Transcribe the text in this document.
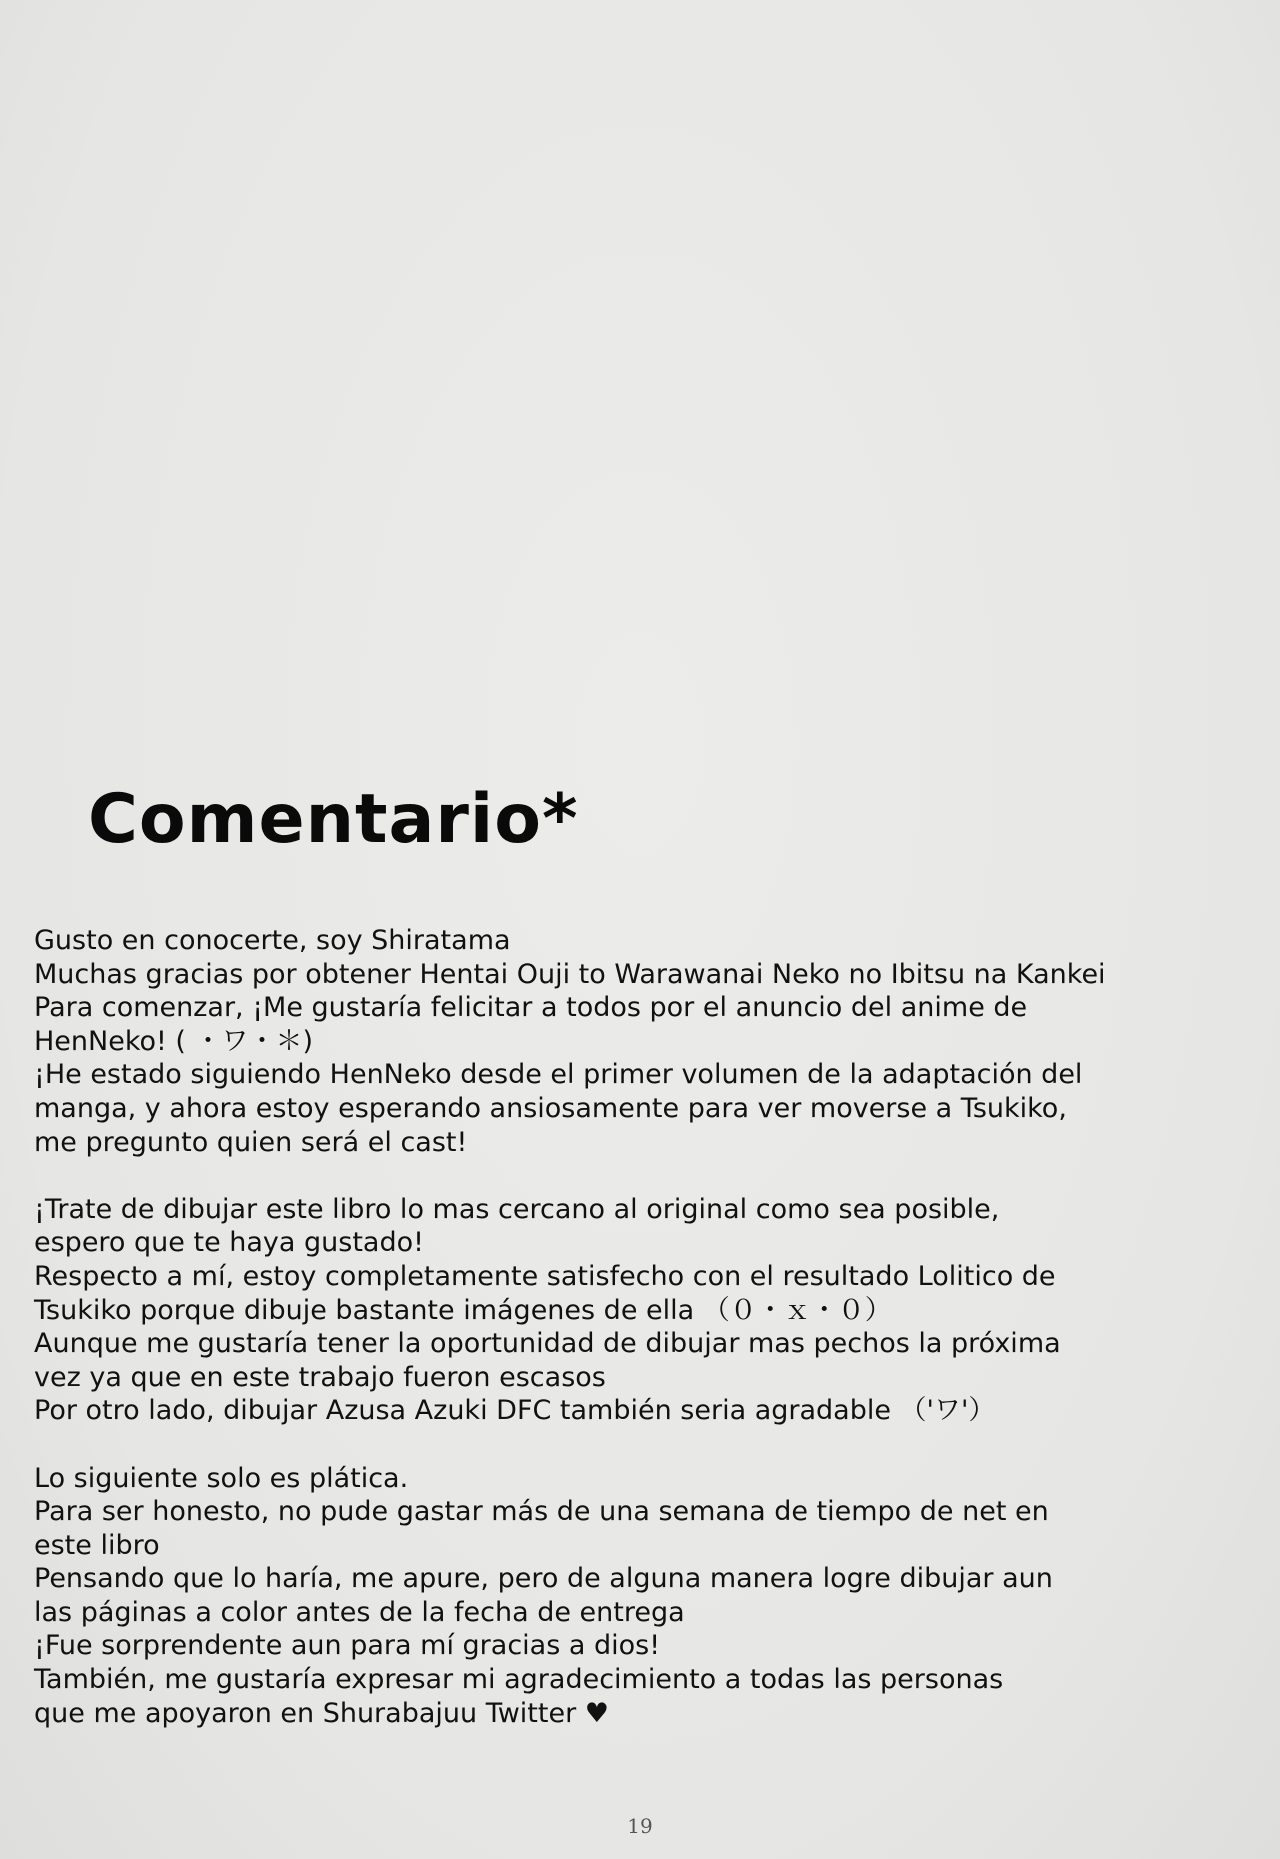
Comentario*
Gusto en conocerte, soy Shiratama
Muchas gracias por obtener Hentai Ouji to Warawanai Neko no Ibitsu na Kankei
Para comenzar, ¡Me gustaría felicitar a todos por el anuncio del anime de
HenNeko! ( ・ワ・＊)
¡He estado siguiendo HenNeko desde el primer volumen de la adaptación del
manga, y ahora estoy esperando ansiosamente para ver moverse a Tsukiko,
me pregunto quien será el cast!
¡Trate de dibujar este libro lo mas cercano al original como sea posible,
espero que te haya gustado!
Respecto a mí, estoy completamente satisfecho con el resultado Lolitico de
Tsukiko porque dibuje bastante imágenes de ella （０・ｘ・０）
Aunque me gustaría tener la oportunidad de dibujar mas pechos la próxima
vez ya que en este trabajo fueron escasos
Por otro lado, dibujar Azusa Azuki DFC también seria agradable （'ワ'）
Lo siguiente solo es plática.
Para ser honesto, no pude gastar más de una semana de tiempo de net en
este libro
Pensando que lo haría, me apure, pero de alguna manera logre dibujar aun
las páginas a color antes de la fecha de entrega
¡Fue sorprendente aun para mí gracias a dios!
También, me gustaría expresar mi agradecimiento a todas las personas
que me apoyaron en Shurabajuu Twitter ♥
19
